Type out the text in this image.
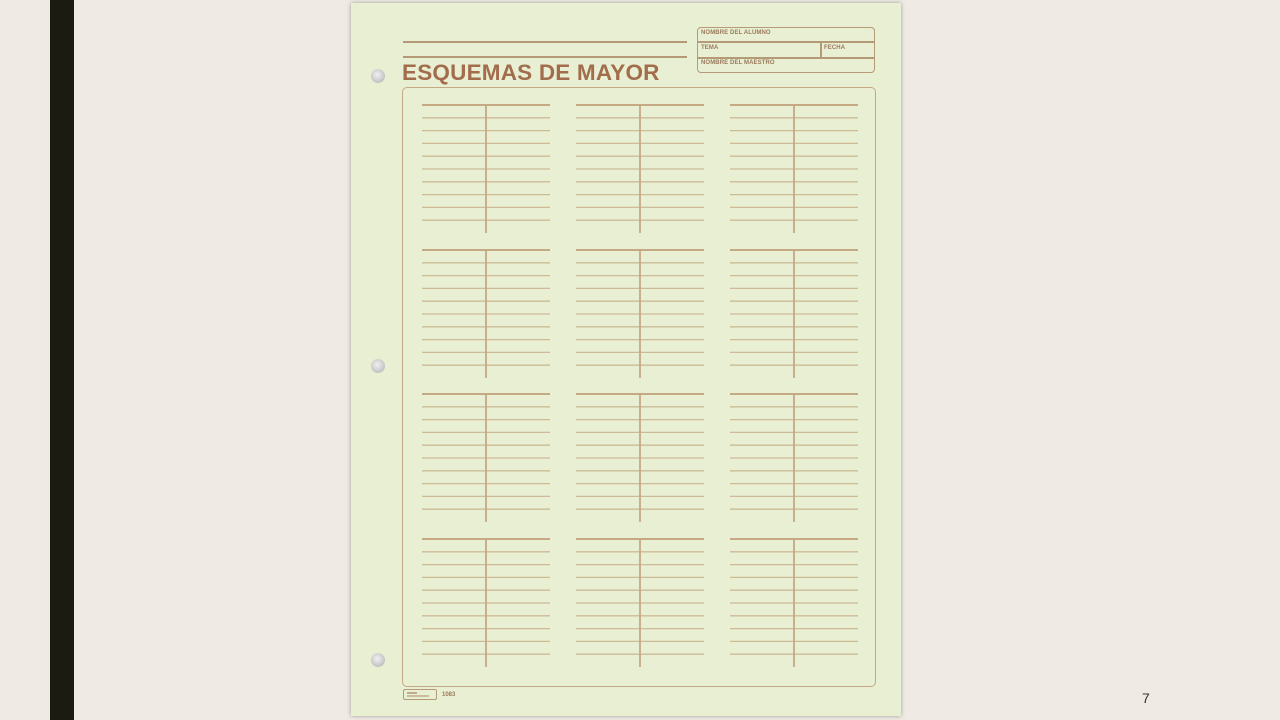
ESQUEMAS DE MAYOR
NOMBRE DEL ALUMNO
TEMA	FECHA
NOMBRE DEL MAESTRO
1083	7
